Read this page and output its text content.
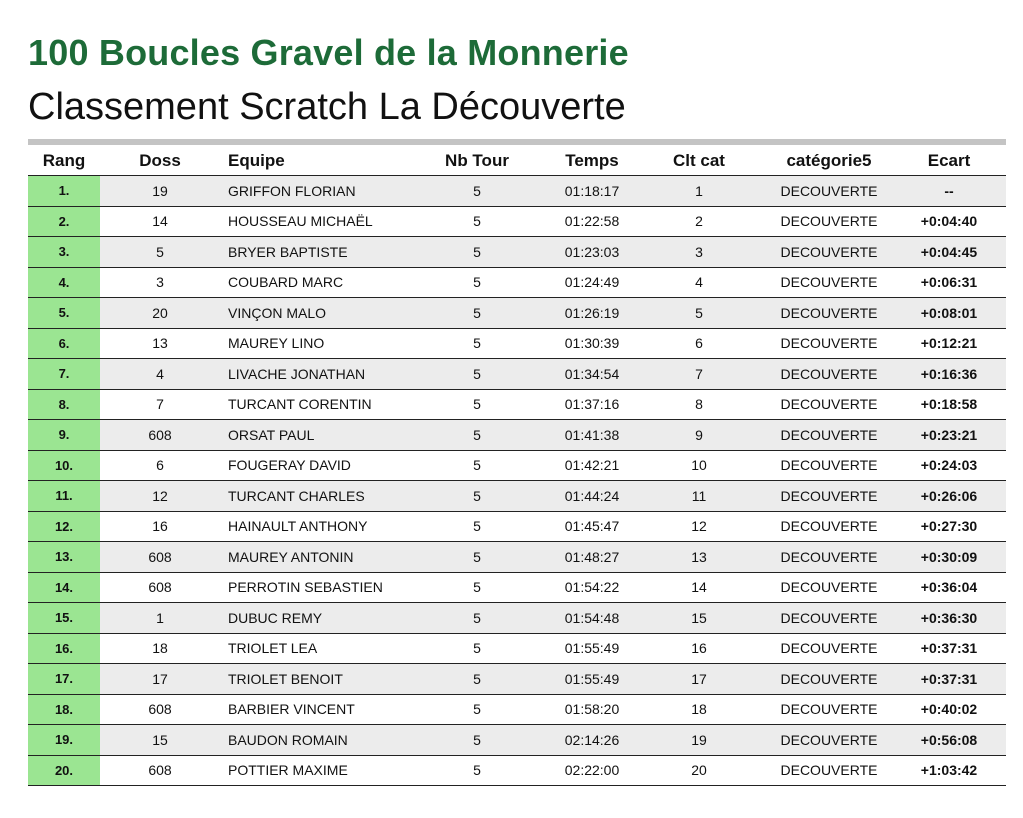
100 Boucles Gravel de la Monnerie
Classement Scratch La Découverte
Rang	Doss	Equipe	Nb Tour	Temps	Clt cat	catégorie5	Ecart
1.	19	GRIFFON FLORIAN	5	01:18:17	1	DECOUVERTE	--
2.	14	HOUSSEAU MICHAËL	5	01:22:58	2	DECOUVERTE	+0:04:40
3.	5	BRYER BAPTISTE	5	01:23:03	3	DECOUVERTE	+0:04:45
4.	3	COUBARD MARC	5	01:24:49	4	DECOUVERTE	+0:06:31
5.	20	VINÇON MALO	5	01:26:19	5	DECOUVERTE	+0:08:01
6.	13	MAUREY LINO	5	01:30:39	6	DECOUVERTE	+0:12:21
7.	4	LIVACHE JONATHAN	5	01:34:54	7	DECOUVERTE	+0:16:36
8.	7	TURCANT CORENTIN	5	01:37:16	8	DECOUVERTE	+0:18:58
9.	608	ORSAT PAUL	5	01:41:38	9	DECOUVERTE	+0:23:21
10.	6	FOUGERAY DAVID	5	01:42:21	10	DECOUVERTE	+0:24:03
11.	12	TURCANT CHARLES	5	01:44:24	11	DECOUVERTE	+0:26:06
12.	16	HAINAULT ANTHONY	5	01:45:47	12	DECOUVERTE	+0:27:30
13.	608	MAUREY ANTONIN	5	01:48:27	13	DECOUVERTE	+0:30:09
14.	608	PERROTIN SEBASTIEN	5	01:54:22	14	DECOUVERTE	+0:36:04
15.	1	DUBUC REMY	5	01:54:48	15	DECOUVERTE	+0:36:30
16.	18	TRIOLET LEA	5	01:55:49	16	DECOUVERTE	+0:37:31
17.	17	TRIOLET BENOIT	5	01:55:49	17	DECOUVERTE	+0:37:31
18.	608	BARBIER VINCENT	5	01:58:20	18	DECOUVERTE	+0:40:02
19.	15	BAUDON ROMAIN	5	02:14:26	19	DECOUVERTE	+0:56:08
20.	608	POTTIER MAXIME	5	02:22:00	20	DECOUVERTE	+1:03:42
